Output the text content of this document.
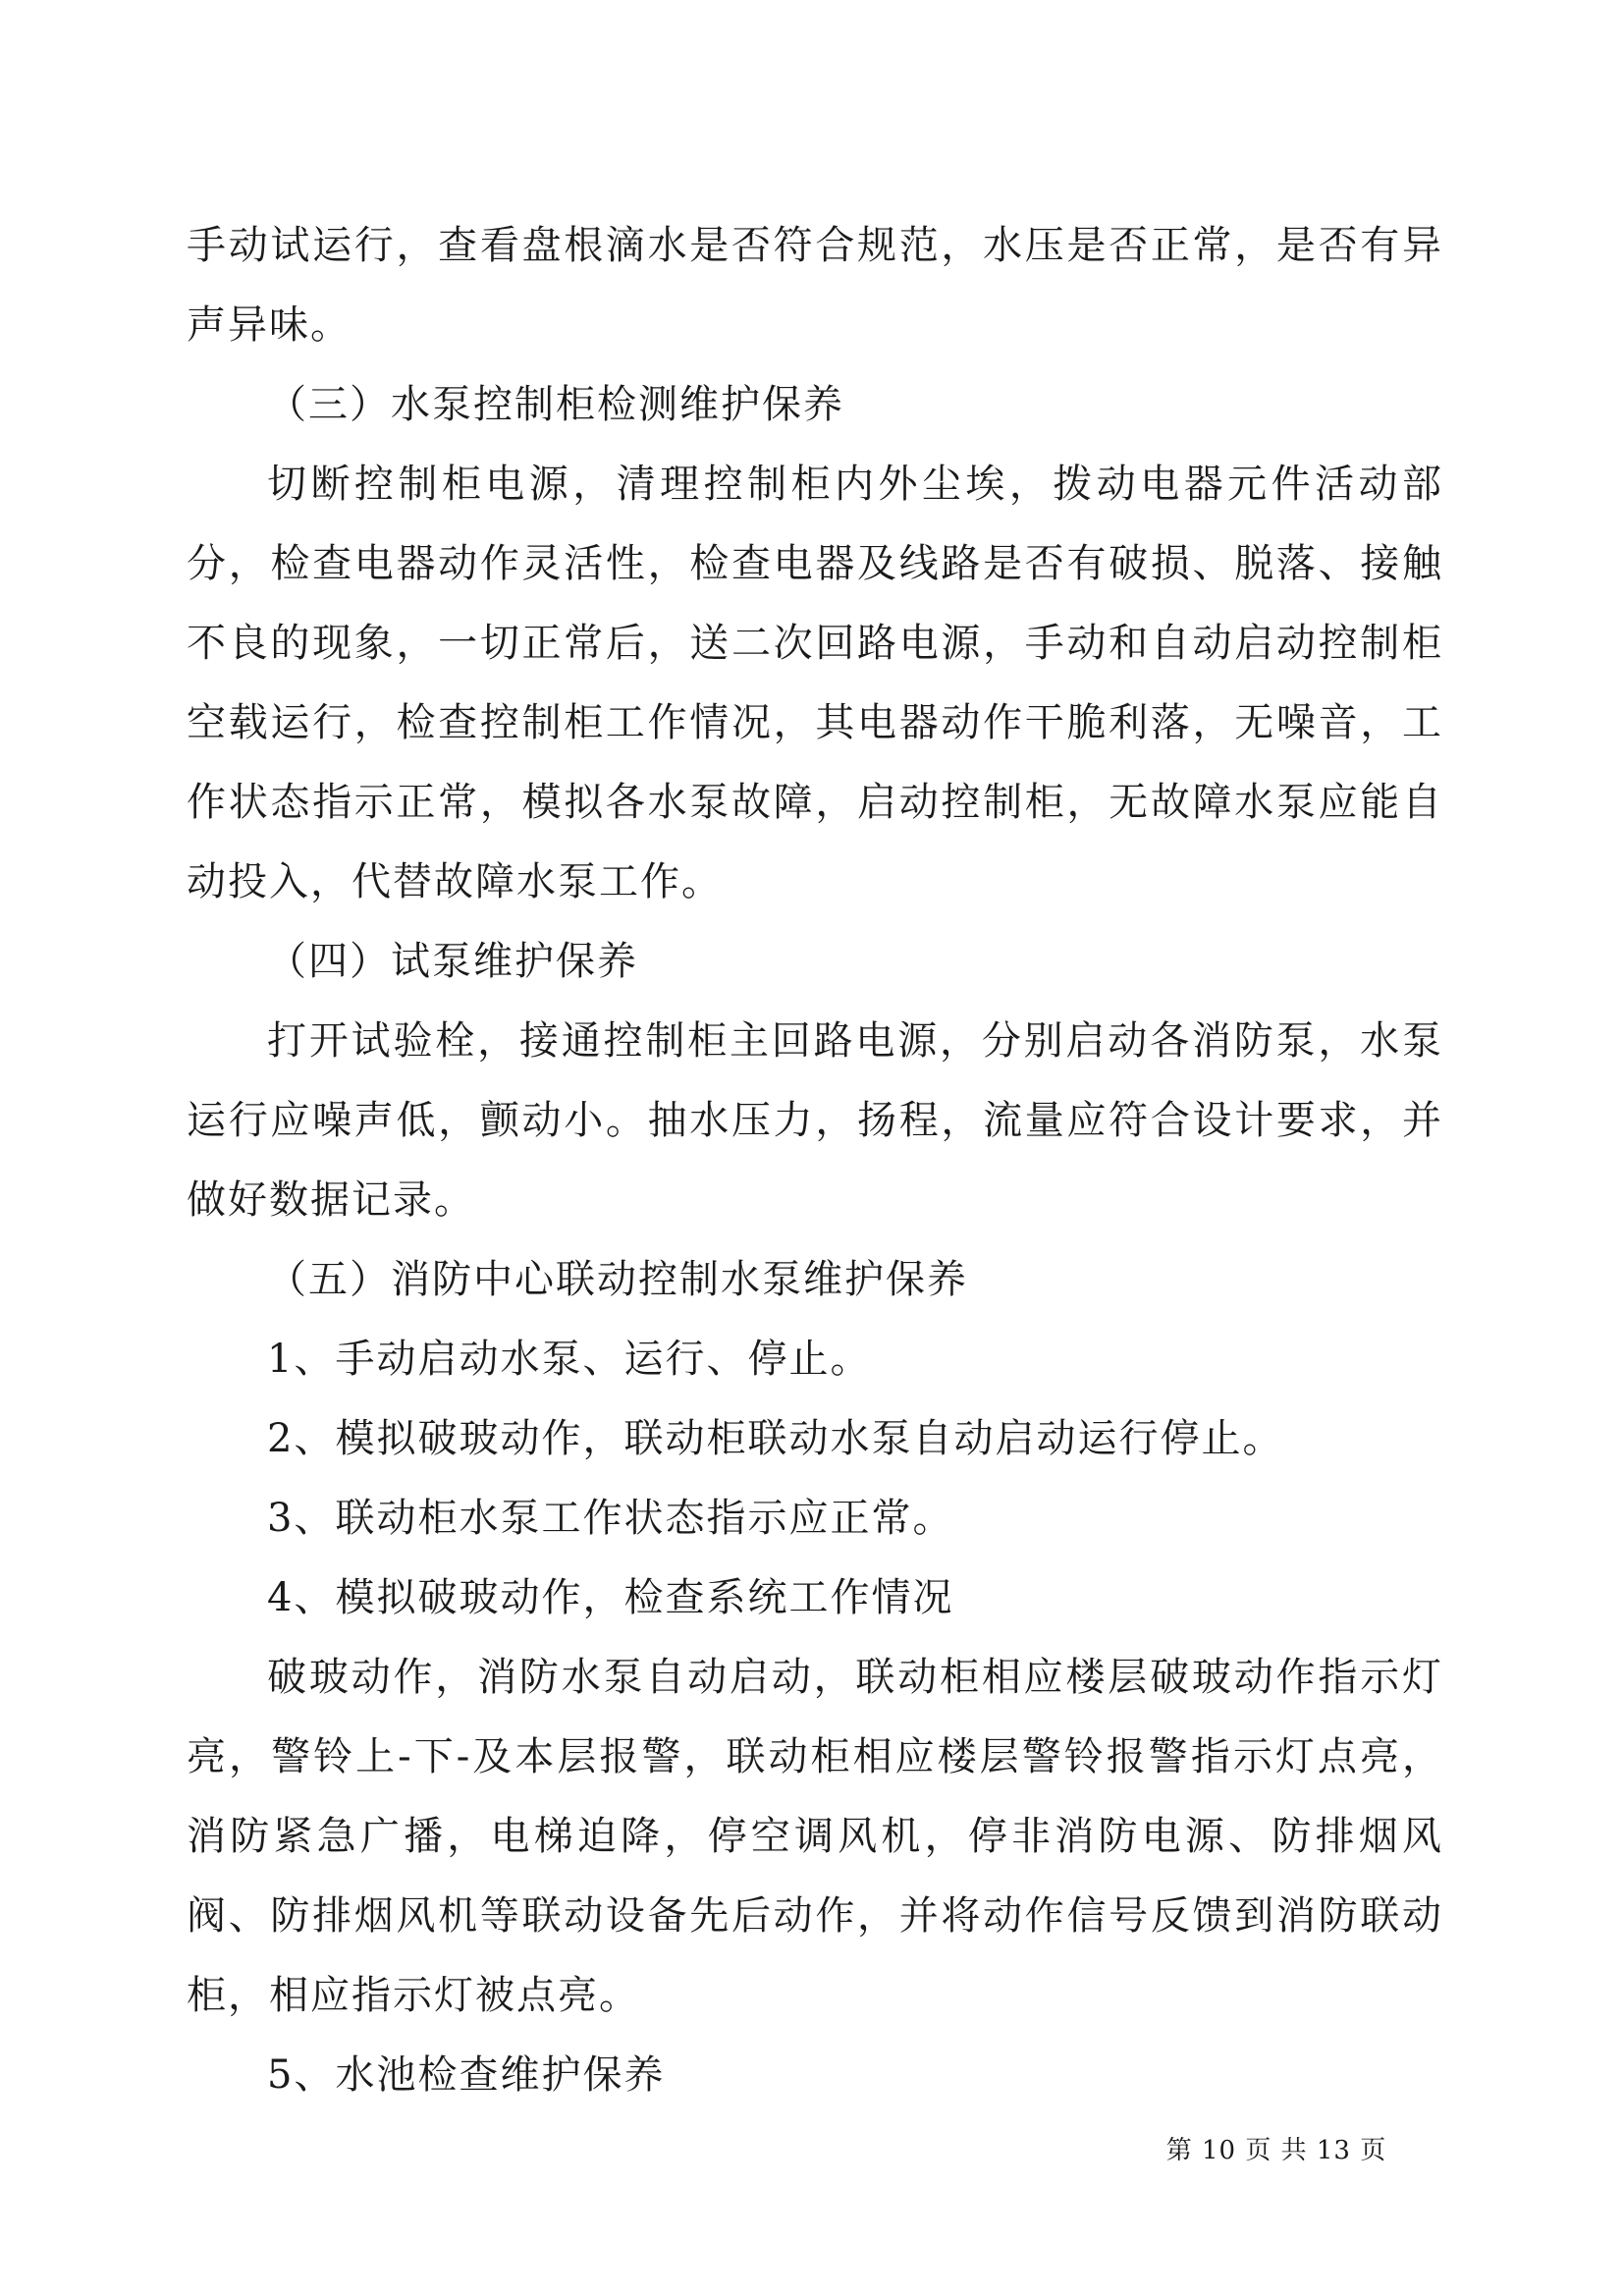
手动试运行，查看盘根滴水是否符合规范，水压是否正常，是否有异声异味。

（三）水泵控制柜检测维护保养

切断控制柜电源，清理控制柜内外尘埃，拨动电器元件活动部分，检查电器动作灵活性，检查电器及线路是否有破损、脱落、接触不良的现象，一切正常后，送二次回路电源，手动和自动启动控制柜空载运行，检查控制柜工作情况，其电器动作干脆利落，无噪音，工作状态指示正常，模拟各水泵故障，启动控制柜，无故障水泵应能自动投入，代替故障水泵工作。

（四）试泵维护保养

打开试验栓，接通控制柜主回路电源，分别启动各消防泵，水泵运行应噪声低，颤动小。抽水压力，扬程，流量应符合设计要求，并做好数据记录。

（五）消防中心联动控制水泵维护保养

1、手动启动水泵、运行、停止。

2、模拟破玻动作，联动柜联动水泵自动启动运行停止。

3、联动柜水泵工作状态指示应正常。

4、模拟破玻动作，检查系统工作情况

破玻动作，消防水泵自动启动，联动柜相应楼层破玻动作指示灯亮，警铃上-下-及本层报警，联动柜相应楼层警铃报警指示灯点亮，消防紧急广播，电梯迫降，停空调风机，停非消防电源、防排烟风阀、防排烟风机等联动设备先后动作，并将动作信号反馈到消防联动柜，相应指示灯被点亮。

5、水池检查维护保养

第 10 页 共 13 页
